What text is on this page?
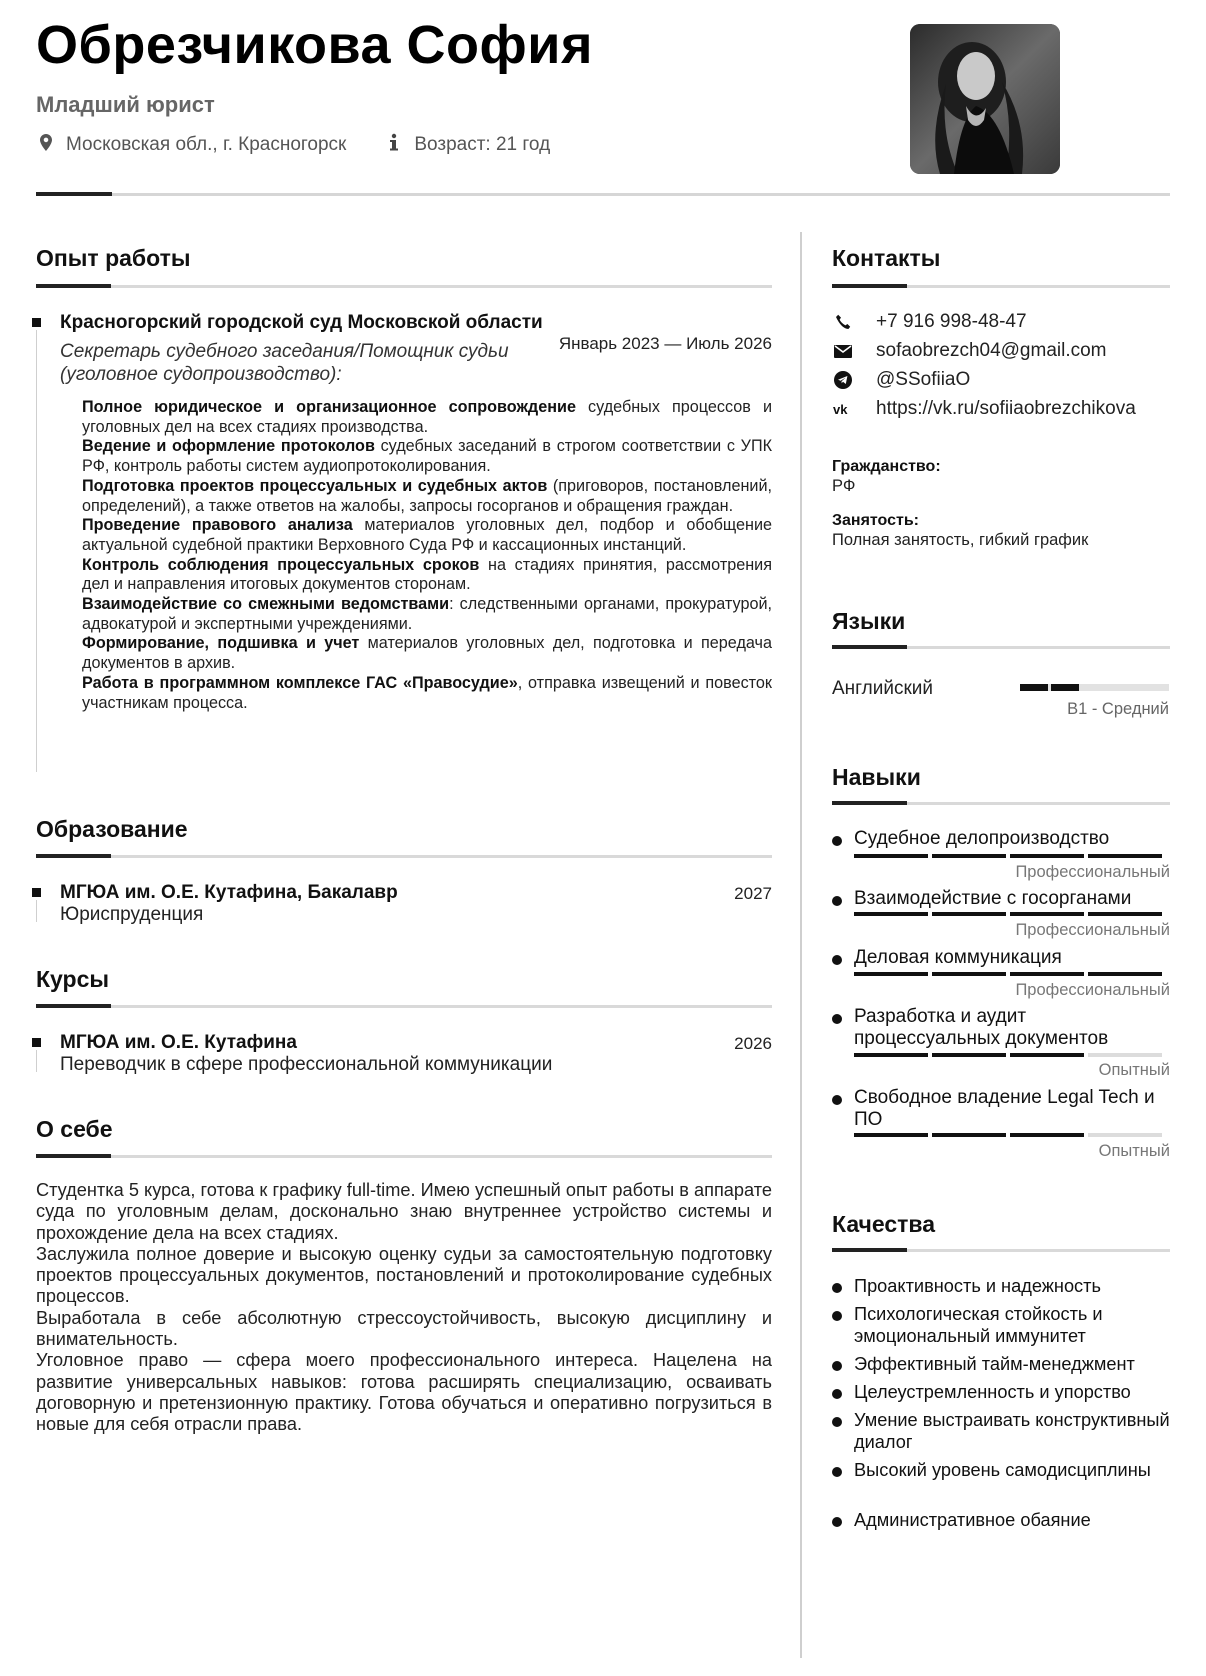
Обрезчикова София
Младший юрист
Московская обл., г. Красногорск	Возраст: 21 год
Опыт работы
Красногорский городской суд Московской области
Секретарь судебного заседания/Помощник судьи
(уголовное судопроизводство):
Январь 2023 — Июль 2026

Полное юридическое и организационное сопровождение судебных процессов и уголовных дел на всех стадиях производства.

Ведение и оформление протоколов судебных заседаний в строгом соответствии с УПК РФ, контроль работы систем аудиопротоколирования.

Подготовка проектов процессуальных и судебных актов (приговоров, постановлений, определений), а также ответов на жалобы, запросы госорганов и обращения граждан.

Проведение правового анализа материалов уголовных дел, подбор и обобщение актуальной судебной практики Верховного Суда РФ и кассационных инстанций.

Контроль соблюдения процессуальных сроков на стадиях принятия, рассмотрения дел и направления итоговых документов сторонам.

Взаимодействие со смежными ведомствами: следственными органами, прокуратурой, адвокатурой и экспертными учреждениями.

Формирование, подшивка и учет материалов уголовных дел, подготовка и передача документов в архив.

Работа в программном комплексе ГАС «Правосудие», отправка извещений и повесток участникам процесса.

Образование
МГЮА им. О.Е. Кутафина, Бакалавр	2027
Юриспруденция
Курсы
МГЮА им. О.Е. Кутафина	2026
Переводчик в сфере профессиональной коммуникации
О себе

Студентка 5 курса, готова к графику full-time. Имею успешный опыт работы в аппарате суда по уголовным делам, досконально знаю внутреннее устройство системы и прохождение дела на всех стадиях.

Заслужила полное доверие и высокую оценку судьи за самостоятельную подготовку проектов процессуальных документов, постановлений и протоколирование судебных процессов.

Выработала в себе абсолютную стрессоустойчивость, высокую дисциплину и внимательность.

Уголовное право — сфера моего профессионального интереса. Нацелена на развитие универсальных навыков: готова расширять специализацию, осваивать договорную и претензионную практику. Готова обучаться и оперативно погрузиться в новые для себя отрасли права.

Контакты
+7 916 998-48-47
sofaobrezch04@gmail.com
@SSofiiaO
vk https://vk.ru/sofiiaobrezchikova
Гражданство:
РФ
Занятость:
Полная занятость, гибкий график
Языки
Английский
B1 - Средний
Навыки
Судебное делопроизводство
Профессиональный
Взаимодействие с госорганами
Профессиональный
Деловая коммуникация
Профессиональный
Разработка и аудит процессуальных документов
Опытный
Свободное владение Legal Tech и ПО
Опытный
Качества
Проактивность и надежность
Психологическая стойкость и эмоциональный иммунитет
Эффективный тайм-менеджмент
Целеустремленность и упорство
Умение выстраивать конструктивный диалог
Высокий уровень самодисциплины
Административное обаяние
